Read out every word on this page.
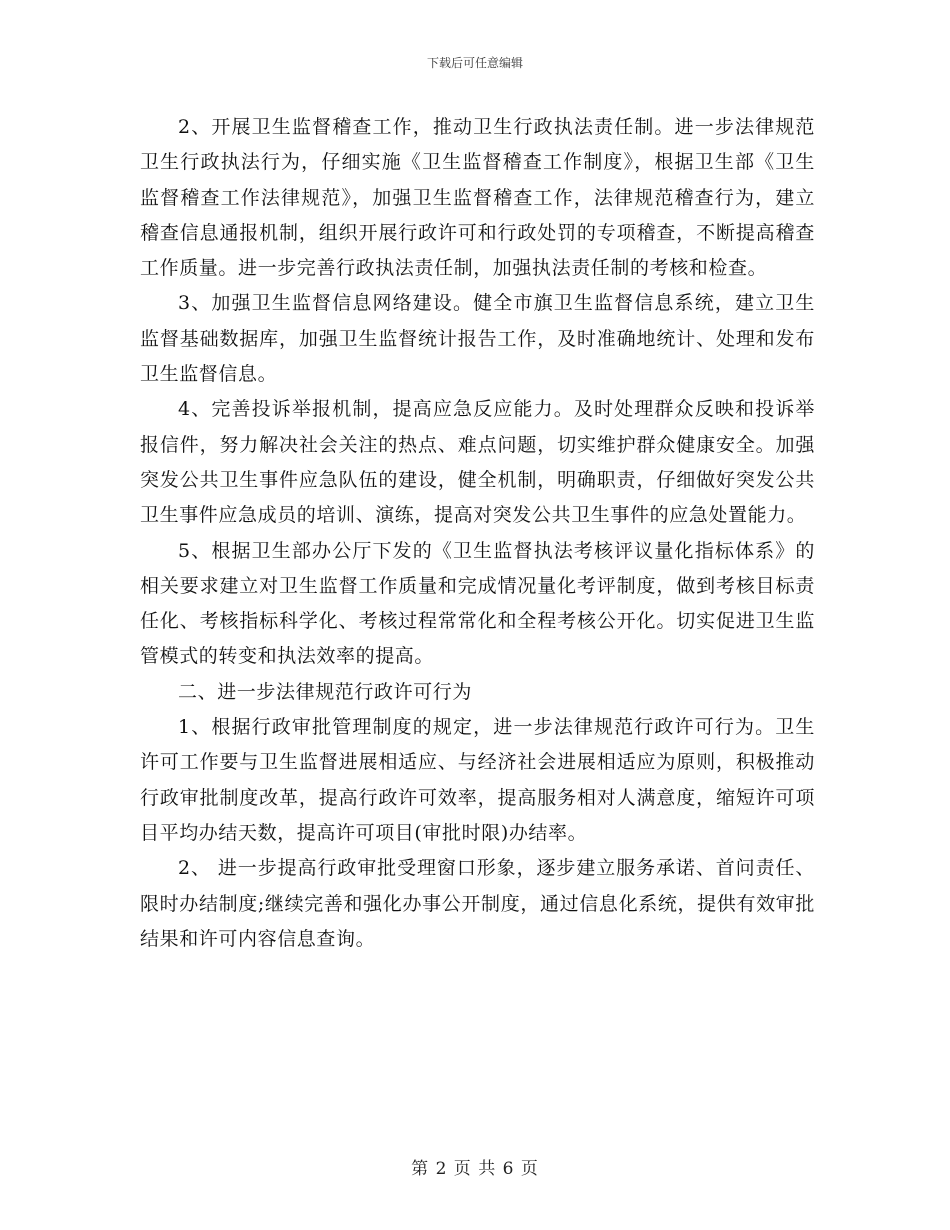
下载后可任意编辑

2、开展卫生监督稽查工作，推动卫生行政执法责任制。进一步法律规范卫生行政执法行为，仔细实施《卫生监督稽查工作制度》，根据卫生部《卫生监督稽查工作法律规范》，加强卫生监督稽查工作，法律规范稽查行为，建立稽查信息通报机制，组织开展行政许可和行政处罚的专项稽查，不断提高稽查工作质量。进一步完善行政执法责任制，加强执法责任制的考核和检查。

3、加强卫生监督信息网络建设。健全市旗卫生监督信息系统，建立卫生监督基础数据库，加强卫生监督统计报告工作，及时准确地统计、处理和发布卫生监督信息。

4、完善投诉举报机制，提高应急反应能力。及时处理群众反映和投诉举报信件，努力解决社会关注的热点、难点问题，切实维护群众健康安全。加强突发公共卫生事件应急队伍的建设，健全机制，明确职责，仔细做好突发公共卫生事件应急成员的培训、演练，提高对突发公共卫生事件的应急处置能力。

5、根据卫生部办公厅下发的《卫生监督执法考核评议量化指标体系》的相关要求建立对卫生监督工作质量和完成情况量化考评制度，做到考核目标责任化、考核指标科学化、考核过程常常化和全程考核公开化。切实促进卫生监管模式的转变和执法效率的提高。

二、进一步法律规范行政许可行为

1、根据行政审批管理制度的规定，进一步法律规范行政许可行为。卫生许可工作要与卫生监督进展相适应、与经济社会进展相适应为原则，积极推动行政审批制度改革，提高行政许可效率，提高服务相对人满意度，缩短许可项目平均办结天数，提高许可项目(审批时限)办结率。

2、 进一步提高行政审批受理窗口形象，逐步建立服务承诺、首问责任、限时办结制度;继续完善和强化办事公开制度，通过信息化系统，提供有效审批结果和许可内容信息查询。

第 2 页 共 6 页
